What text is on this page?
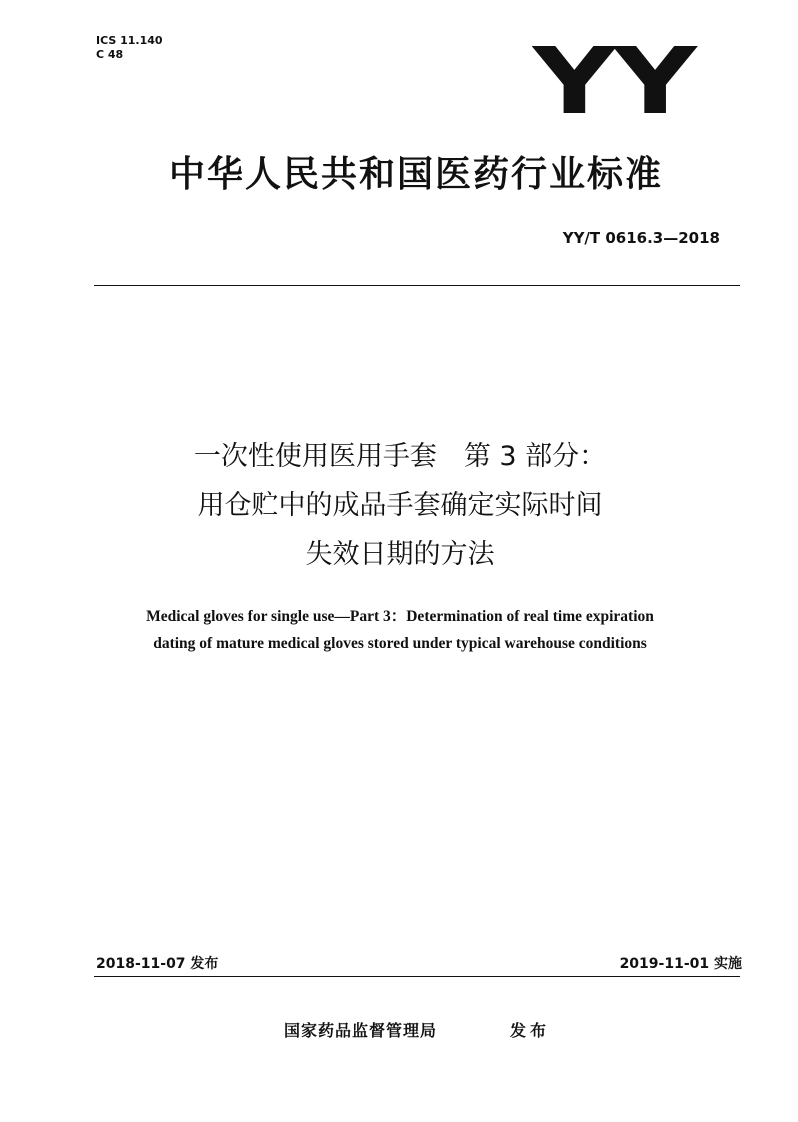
ICS 11.140
C 48	YY
中华人民共和国医药行业标准
YY/T 0616.3—2018
一次性使用医用手套　第 3 部分：
用仓贮中的成品手套确定实际时间
失效日期的方法
Medical gloves for single use—Part 3：Determination of real time expiration
dating of mature medical gloves stored under typical warehouse conditions
2018-11-07 发布	2019-11-01 实施
国家药品监督管理局	发布
